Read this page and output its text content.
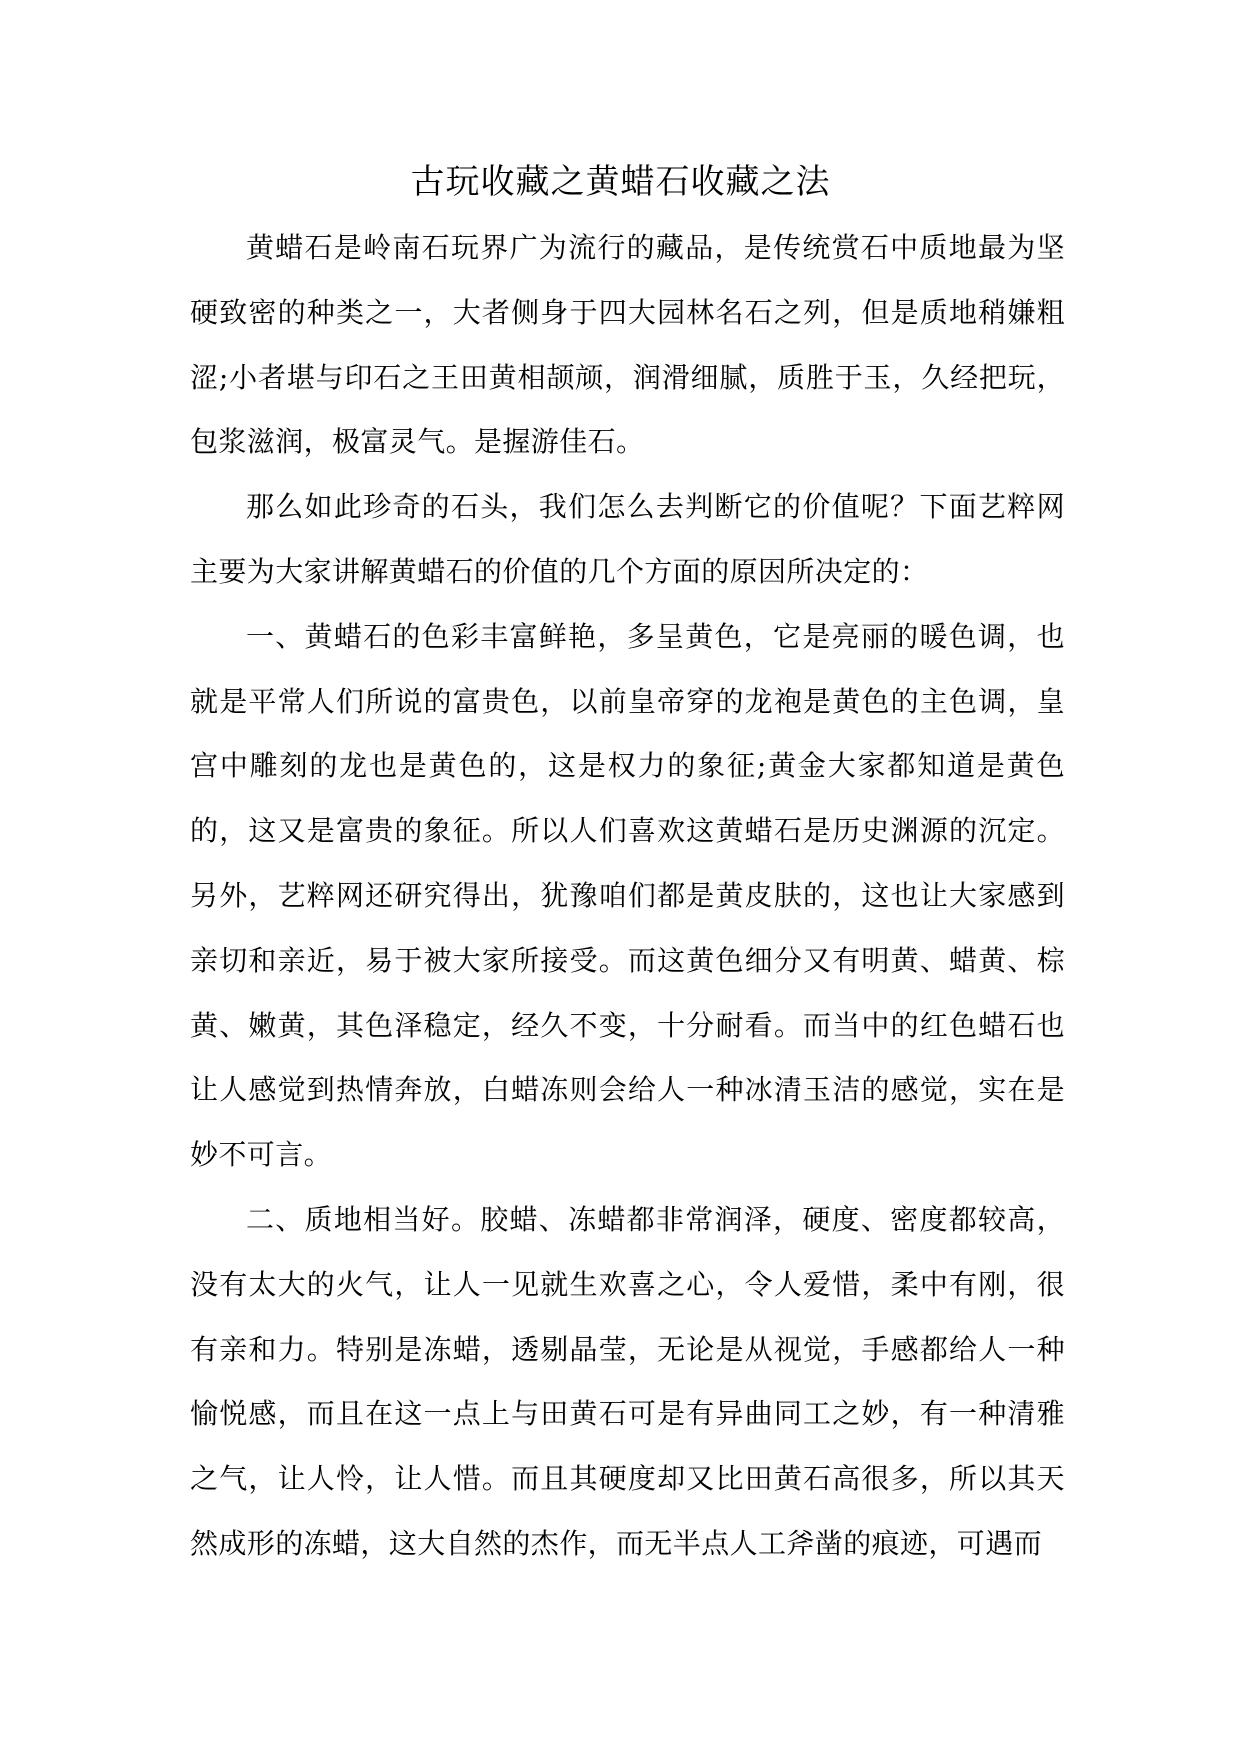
古玩收藏之黄蜡石收藏之法

黄蜡石是岭南石玩界广为流行的藏品，是传统赏石中质地最为坚硬致密的种类之一，大者侧身于四大园林名石之列，但是质地稍嫌粗涩;小者堪与印石之王田黄相颉颃，润滑细腻，质胜于玉，久经把玩，包浆滋润，极富灵气。是握游佳石。

那么如此珍奇的石头，我们怎么去判断它的价值呢？下面艺粹网主要为大家讲解黄蜡石的价值的几个方面的原因所决定的：

一、黄蜡石的色彩丰富鲜艳，多呈黄色，它是亮丽的暖色调，也就是平常人们所说的富贵色，以前皇帝穿的龙袍是黄色的主色调，皇宫中雕刻的龙也是黄色的，这是权力的象征;黄金大家都知道是黄色的，这又是富贵的象征。所以人们喜欢这黄蜡石是历史渊源的沉定。另外，艺粹网还研究得出，犹豫咱们都是黄皮肤的，这也让大家感到亲切和亲近，易于被大家所接受。而这黄色细分又有明黄、蜡黄、棕黄、嫩黄，其色泽稳定，经久不变，十分耐看。而当中的红色蜡石也让人感觉到热情奔放，白蜡冻则会给人一种冰清玉洁的感觉，实在是妙不可言。

二、质地相当好。胶蜡、冻蜡都非常润泽，硬度、密度都较高，没有太大的火气，让人一见就生欢喜之心，令人爱惜，柔中有刚，很有亲和力。特别是冻蜡，透剔晶莹，无论是从视觉，手感都给人一种愉悦感，而且在这一点上与田黄石可是有异曲同工之妙，有一种清雅之气，让人怜，让人惜。而且其硬度却又比田黄石高很多，所以其天然成形的冻蜡，这大自然的杰作，而无半点人工斧凿的痕迹，可遇而
